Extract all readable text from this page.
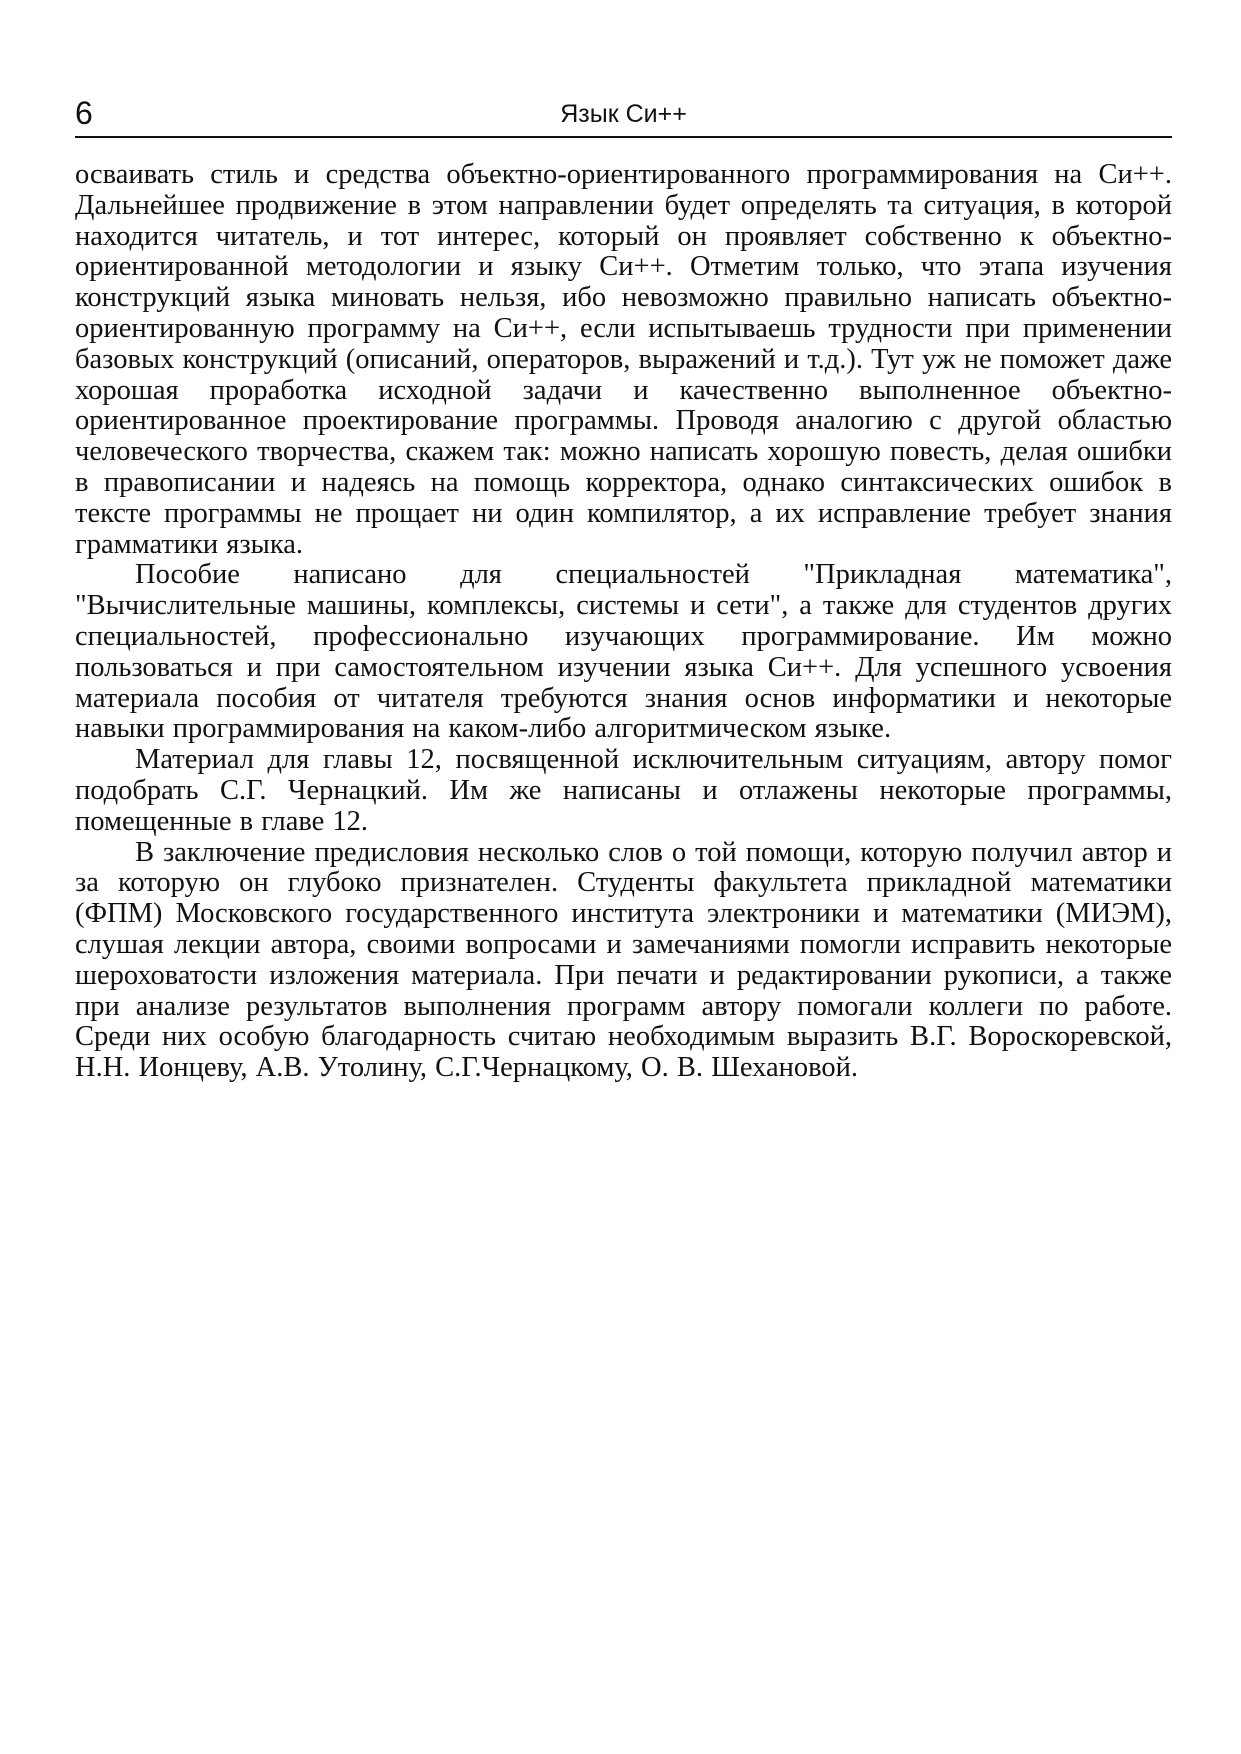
6	Язык Си++

осваивать стиль и средства объектно-ориентированного программирования на Си++. Дальнейшее продвижение в этом направлении будет определять та ситуация, в которой находится читатель, и тот интерес, который он проявляет собственно к объектно-ориентированной методологии и языку Си++. Отметим только, что этапа изучения конструкций языка миновать нельзя, ибо невозможно правильно написать объектно-ориентированную программу на Си++, если испытываешь трудности при применении базовых конструкций (описаний, операторов, выражений и т.д.). Тут уж не поможет даже хорошая проработка исходной задачи и качественно выполненное объектно-ориентированное проектирование программы. Проводя аналогию с другой областью человеческого творчества, скажем так: можно написать хорошую повесть, делая ошибки в правописании и надеясь на помощь корректора, однако синтаксических ошибок в тексте программы не прощает ни один компилятор, а их исправление требует знания грамматики языка.

Пособие написано для специальностей "Прикладная математика", "Вычислительные машины, комплексы, системы и сети", а также для студентов других специальностей, профессионально изучающих программирование. Им можно пользоваться и при самостоятельном изучении языка Си++. Для успешного усвоения материала пособия от читателя требуются знания основ информатики и некоторые навыки программирования на каком-либо алгоритмическом языке.

Материал для главы 12, посвященной исключительным ситуациям, автору помог подобрать С.Г. Чернацкий. Им же написаны и отлажены некоторые программы, помещенные в главе 12.

В заключение предисловия несколько слов о той помощи, которую получил автор и за которую он глубоко признателен. Студенты факультета прикладной математики (ФПМ) Московского государственного института электроники и математики (МИЭМ), слушая лекции автора, своими вопросами и замечаниями помогли исправить некоторые шероховатости изложения материала. При печати и редактировании рукописи, а также при анализе результатов выполнения программ автору помогали коллеги по работе. Среди них особую благодарность считаю необходимым выразить В.Г. Вороскоревской, Н.Н. Ионцеву, А.В. Утолину, С.Г.Чернацкому, О. В. Шехановой.
